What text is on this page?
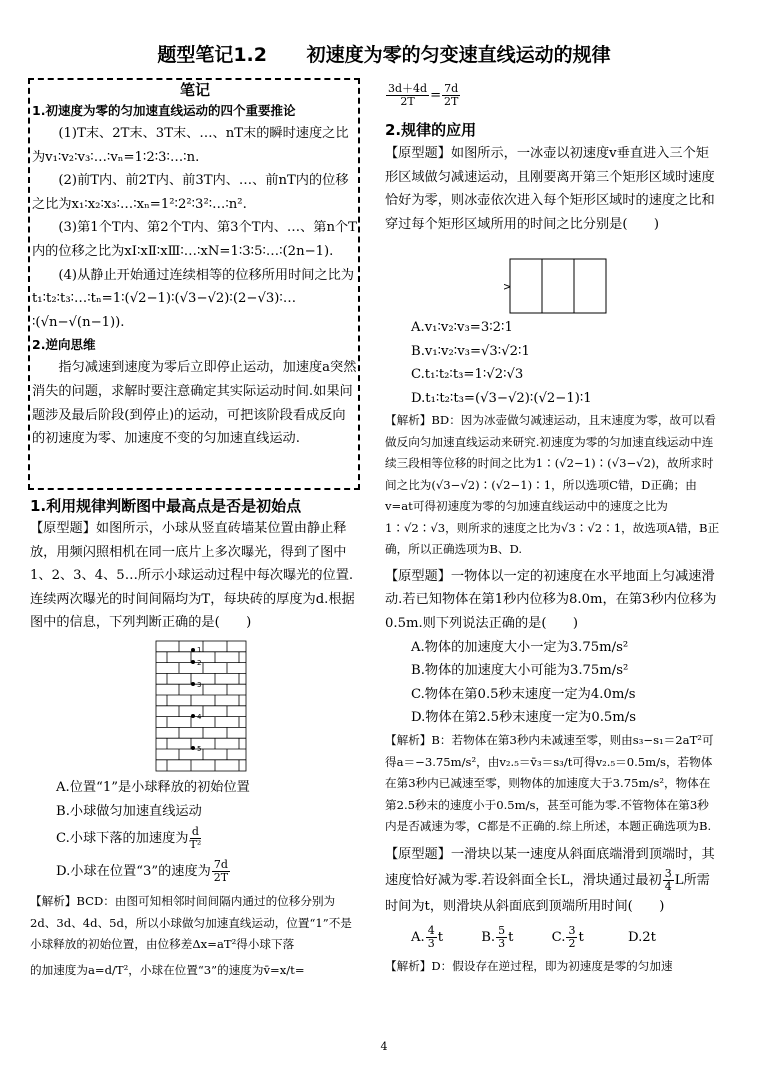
题型笔记1.2      初速度为零的匀变速直线运动的规律

笔记

1.初速度为零的匀加速直线运动的四个重要推论

(1)T末、2T末、3T末、…、nT末的瞬时速度之比为v₁∶v₂∶v₃∶…∶vₙ=1∶2∶3∶…∶n.

(2)前T内、前2T内、前3T内、…、前nT内的位移之比为x₁∶x₂∶x₃∶…∶xₙ=1²∶2²∶3²∶…∶n².

(3)第1个T内、第2个T内、第3个T内、…、第n个T内的位移之比为xⅠ∶xⅡ∶xⅢ∶…∶xN=1∶3∶5∶…∶(2n−1).

(4)从静止开始通过连续相等的位移所用时间之比为t₁∶t₂∶t₃∶…∶tₙ=1∶(√2−1)∶(√3−√2)∶(2−√3)∶…∶(√n−√(n−1)).

2.逆向思维

指匀减速到速度为零后立即停止运动，加速度a突然消失的问题，求解时要注意确定其实际运动时间.如果问题涉及最后阶段(到停止)的运动，可把该阶段看成反向的初速度为零、加速度不变的匀加速直线运动.

1.利用规律判断图中最高点是否是初始点

【原型题】如图所示，小球从竖直砖墙某位置由静止释放，用频闪照相机在同一底片上多次曝光，得到了图中1、2、3、4、5…所示小球运动过程中每次曝光的位置.连续两次曝光的时间间隔均为T，每块砖的厚度为d.根据图中的信息，下列判断正确的是(　　)

1
2
3
4
5

A.位置“1”是小球释放的初始位置

B.小球做匀加速直线运动

C.小球下落的加速度为 $\frac{d}{\text{T²}}$

D.小球在位置“3”的速度为 $\frac{7d}{2T}$

【解析】BCD：由图可知相邻时间间隔内通过的位移分别为2d、3d、4d、5d，所以小球做匀加速直线运动，位置“1”不是小球释放的初始位置，由位移差Δx=aT²得小球下落

的加速度为a=d/T²，小球在位置“3”的速度为v̄=x/t=

$\frac{3d+4d}{2T} = \frac{7d}{2T}$

2.规律的应用

【原型题】如图所示，一冰壶以初速度v垂直进入三个矩形区域做匀减速运动，且刚要离开第三个矩形区域时速度恰好为零，则冰壶依次进入每个矩形区域时的速度之比和穿过每个矩形区域所用的时间之比分别是(　　)

v

A.v₁∶v₂∶v₃=3∶2∶1

B.v₁∶v₂∶v₃=√3∶√2∶1

C.t₁∶t₂∶t₃=1∶√2∶√3

D.t₁∶t₂∶t₃=(√3−√2)∶(√2−1)∶1

【解析】BD：因为冰壶做匀减速运动，且末速度为零，故可以看做反向匀加速直线运动来研究.初速度为零的匀加速直线运动中连续三段相等位移的时间之比为1∶(√2−1)∶(√3−√2)，故所求时间之比为(√3−√2)∶(√2−1)∶1，所以选项C错，D正确；由v=at可得初速度为零的匀加速直线运动中的速度之比为1∶√2∶√3，则所求的速度之比为√3∶√2∶1，故选项A错，B正确，所以正确选项为B、D.

【原型题】一物体以一定的初速度在水平地面上匀减速滑动.若已知物体在第1秒内位移为8.0m，在第3秒内位移为0.5m.则下列说法正确的是(　　)

A.物体的加速度大小一定为3.75m/s²

B.物体的加速度大小可能为3.75m/s²

C.物体在第0.5秒末速度一定为4.0m/s

D.物体在第2.5秒末速度一定为0.5m/s

【解析】B：若物体在第3秒内未减速至零，则由s₃−s₁＝2aT²可得a＝−3.75m/s²，由v₂.₅＝v̄₃＝s₃/t可得v₂.₅＝0.5m/s，若物体在第3秒内已减速至零，则物体的加速度大于3.75m/s²，物体在第2.5秒末的速度小于0.5m/s，甚至可能为零.不管物体在第3秒内是否减速为零，C都是不正确的.综上所述，本题正确选项为B.

【原型题】一滑块以某一速度从斜面底端滑到顶端时，其速度恰好减为零.若设斜面全长L，滑块通过最初 $\frac{3}{4}$ L所需时间为t，则滑块从斜面底到顶端所用时间(　　)

A. $\frac{4}{3}$ t	B. $\frac{5}{3}$ t	C. $\frac{3}{2}$ t	D.2t

【解析】D：假设存在逆过程，即为初速度是零的匀加速

4
